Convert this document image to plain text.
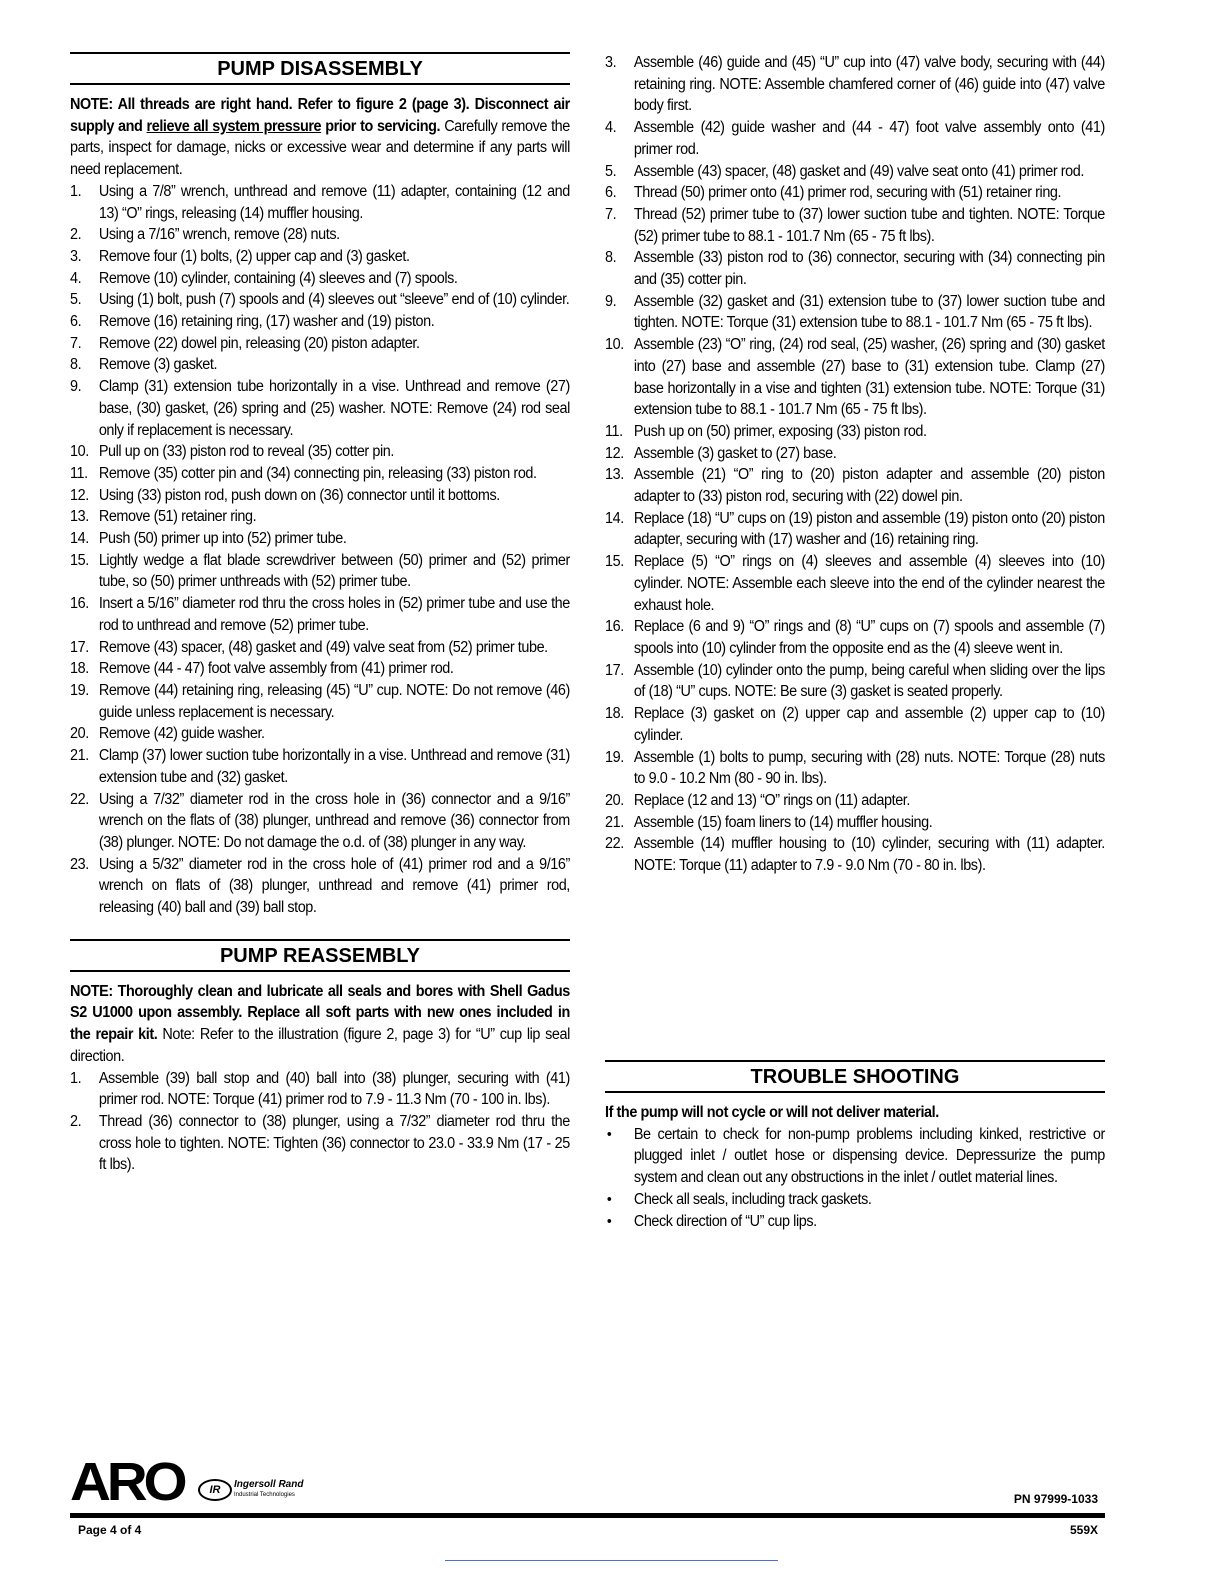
PUMP DISASSEMBLY

NOTE: All threads are right hand. Refer to figure 2 (page 3). Disconnect air supply and relieve all system pressure prior to servicing. Carefully remove the parts, inspect for damage, nicks or excessive wear and determine if any parts will need replacement.

1. Using a 7/8” wrench, unthread and remove (11) adapter, containing (12 and 13) “O” rings, releasing (14) muffler housing.
2. Using a 7/16” wrench, remove (28) nuts.
3. Remove four (1) bolts, (2) upper cap and (3) gasket.
4. Remove (10) cylinder, containing (4) sleeves and (7) spools.
5. Using (1) bolt, push (7) spools and (4) sleeves out “sleeve” end of (10) cylinder.
6. Remove (16) retaining ring, (17) washer and (19) piston.
7. Remove (22) dowel pin, releasing (20) piston adapter.
8. Remove (3) gasket.
9. Clamp (31) extension tube horizontally in a vise. Unthread and remove (27) base, (30) gasket, (26) spring and (25) washer. NOTE: Remove (24) rod seal only if replacement is necessary.
10. Pull up on (33) piston rod to reveal (35) cotter pin.
11. Remove (35) cotter pin and (34) connecting pin, releasing (33) piston rod.
12. Using (33) piston rod, push down on (36) connector until it bottoms.
13. Remove (51) retainer ring.
14. Push (50) primer up into (52) primer tube.
15. Lightly wedge a flat blade screwdriver between (50) primer and (52) primer tube, so (50) primer unthreads with (52) primer tube.
16. Insert a 5/16” diameter rod thru the cross holes in (52) primer tube and use the rod to unthread and remove (52) primer tube.
17. Remove (43) spacer, (48) gasket and (49) valve seat from (52) primer tube.
18. Remove (44 - 47) foot valve assembly from (41) primer rod.
19. Remove (44) retaining ring, releasing (45) “U” cup. NOTE: Do not remove (46) guide unless replacement is necessary.
20. Remove (42) guide washer.
21. Clamp (37) lower suction tube horizontally in a vise. Unthread and remove (31) extension tube and (32) gasket.
22. Using a 7/32” diameter rod in the cross hole in (36) connector and a 9/16” wrench on the flats of (38) plunger, unthread and remove (36) connector from (38) plunger. NOTE: Do not damage the o.d. of (38) plunger in any way.
23. Using a 5/32” diameter rod in the cross hole of (41) primer rod and a 9/16” wrench on flats of (38) plunger, unthread and remove (41) primer rod, releasing (40) ball and (39) ball stop.
PUMP REASSEMBLY

NOTE: Thoroughly clean and lubricate all seals and bores with Shell Gadus S2 U1000 upon assembly. Replace all soft parts with new ones included in the repair kit. Note: Refer to the illustration (figure 2, page 3) for “U” cup lip seal direction.

1. Assemble (39) ball stop and (40) ball into (38) plunger, securing with (41) primer rod. NOTE: Torque (41) primer rod to 7.9 - 11.3 Nm (70 - 100 in. lbs).
2. Thread (36) connector to (38) plunger, using a 7/32” diameter rod thru the cross hole to tighten. NOTE: Tighten (36) connector to 23.0 - 33.9 Nm (17 - 25 ft lbs).
3. Assemble (46) guide and (45) “U” cup into (47) valve body, securing with (44) retaining ring. NOTE: Assemble chamfered corner of (46) guide into (47) valve body first.
4. Assemble (42) guide washer and (44 - 47) foot valve assembly onto (41) primer rod.
5. Assemble (43) spacer, (48) gasket and (49) valve seat onto (41) primer rod.
6. Thread (50) primer onto (41) primer rod, securing with (51) retainer ring.
7. Thread (52) primer tube to (37) lower suction tube and tighten. NOTE: Torque (52) primer tube to 88.1 - 101.7 Nm (65 - 75 ft lbs).
8. Assemble (33) piston rod to (36) connector, securing with (34) connecting pin and (35) cotter pin.
9. Assemble (32) gasket and (31) extension tube to (37) lower suction tube and tighten. NOTE: Torque (31) extension tube to 88.1 - 101.7 Nm (65 - 75 ft lbs).
10. Assemble (23) “O” ring, (24) rod seal, (25) washer, (26) spring and (30) gasket into (27) base and assemble (27) base to (31) extension tube. Clamp (27) base horizontally in a vise and tighten (31) extension tube. NOTE: Torque (31) extension tube to 88.1 - 101.7 Nm (65 - 75 ft lbs).
11. Push up on (50) primer, exposing (33) piston rod.
12. Assemble (3) gasket to (27) base.
13. Assemble (21) “O” ring to (20) piston adapter and assemble (20) piston adapter to (33) piston rod, securing with (22) dowel pin.
14. Replace (18) “U” cups on (19) piston and assemble (19) piston onto (20) piston adapter, securing with (17) washer and (16) retaining ring.
15. Replace (5) “O” rings on (4) sleeves and assemble (4) sleeves into (10) cylinder. NOTE: Assemble each sleeve into the end of the cylinder nearest the exhaust hole.
16. Replace (6 and 9) “O” rings and (8) “U” cups on (7) spools and assemble (7) spools into (10) cylinder from the opposite end as the (4) sleeve went in.
17. Assemble (10) cylinder onto the pump, being careful when sliding over the lips of (18) “U” cups. NOTE: Be sure (3) gasket is seated properly.
18. Replace (3) gasket on (2) upper cap and assemble (2) upper cap to (10) cylinder.
19. Assemble (1) bolts to pump, securing with (28) nuts. NOTE: Torque (28) nuts to 9.0 - 10.2 Nm (80 - 90 in. lbs).
20. Replace (12 and 13) “O” rings on (11) adapter.
21. Assemble (15) foam liners to (14) muffler housing.
22. Assemble (14) muffler housing to (10) cylinder, securing with (11) adapter. NOTE: Torque (11) adapter to 7.9 - 9.0 Nm (70 - 80 in. lbs).
TROUBLE SHOOTING

If the pump will not cycle or will not deliver material.

• Be certain to check for non-pump problems including kinked, restrictive or plugged inlet / outlet hose or dispensing device. Depressurize the pump system and clean out any obstructions in the inlet / outlet material lines.
• Check all seals, including track gaskets.
• Check direction of “U” cup lips.
ARO	IR	Ingersoll Rand
Industrial Technologies	PN 97999-1033
Page 4 of 4	559X
